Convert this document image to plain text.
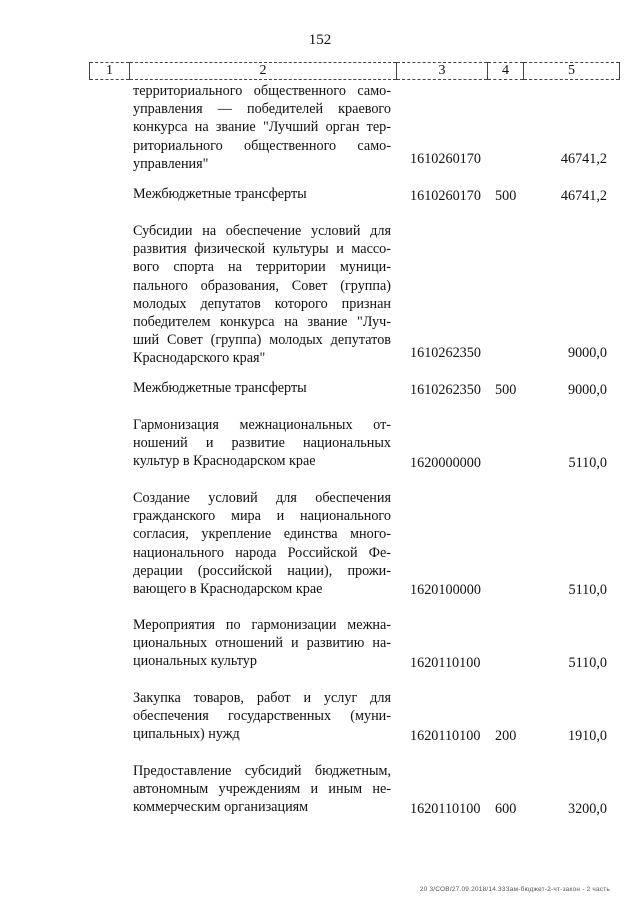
152
1	2	3	4	5
территориального общественного само- управления — победителей краевого конкурса на звание "Лучший орган тер-риториального общественного само-управления"	1610260170	46741,2
Межбюджетные трансферты	1610260170 500	46741,2
Субсидии на обеспечение условий для развития физической культуры и массо-вого спорта на территории муници-пального образования, Совет (группа) молодых депутатов которого признан победителем конкурса на звание "Луч-ший Совет (группа) молодых депутатов Краснодарского края"	1610262350	9000,0
Межбюджетные трансферты	1610262350 500	9000,0
Гармонизация межнациональных от-ношений и развитие национальных культур в Краснодарском крае	1620000000	5110,0
Создание условий для обеспечения гражданского мира и национального согласия, укрепление единства много-национального народа Российской Фе-дерации (российской нации), прожи-вающего в Краснодарском крае	1620100000	5110,0
Мероприятия по гармонизации межна-циональных отношений и развитию на-циональных культур	1620110100	5110,0
Закупка товаров, работ и услуг для обеспечения государственных (муни-ципальных) нужд	1620110100 200	1910,0
Предоставление субсидий бюджетным, автономным учреждениям и иным не-коммерческим организациям	1620110100 600	3200,0
20 3/СОВ/27.09.2018/14.33Зам-бюджет-2-чт-закон - 2 часть
